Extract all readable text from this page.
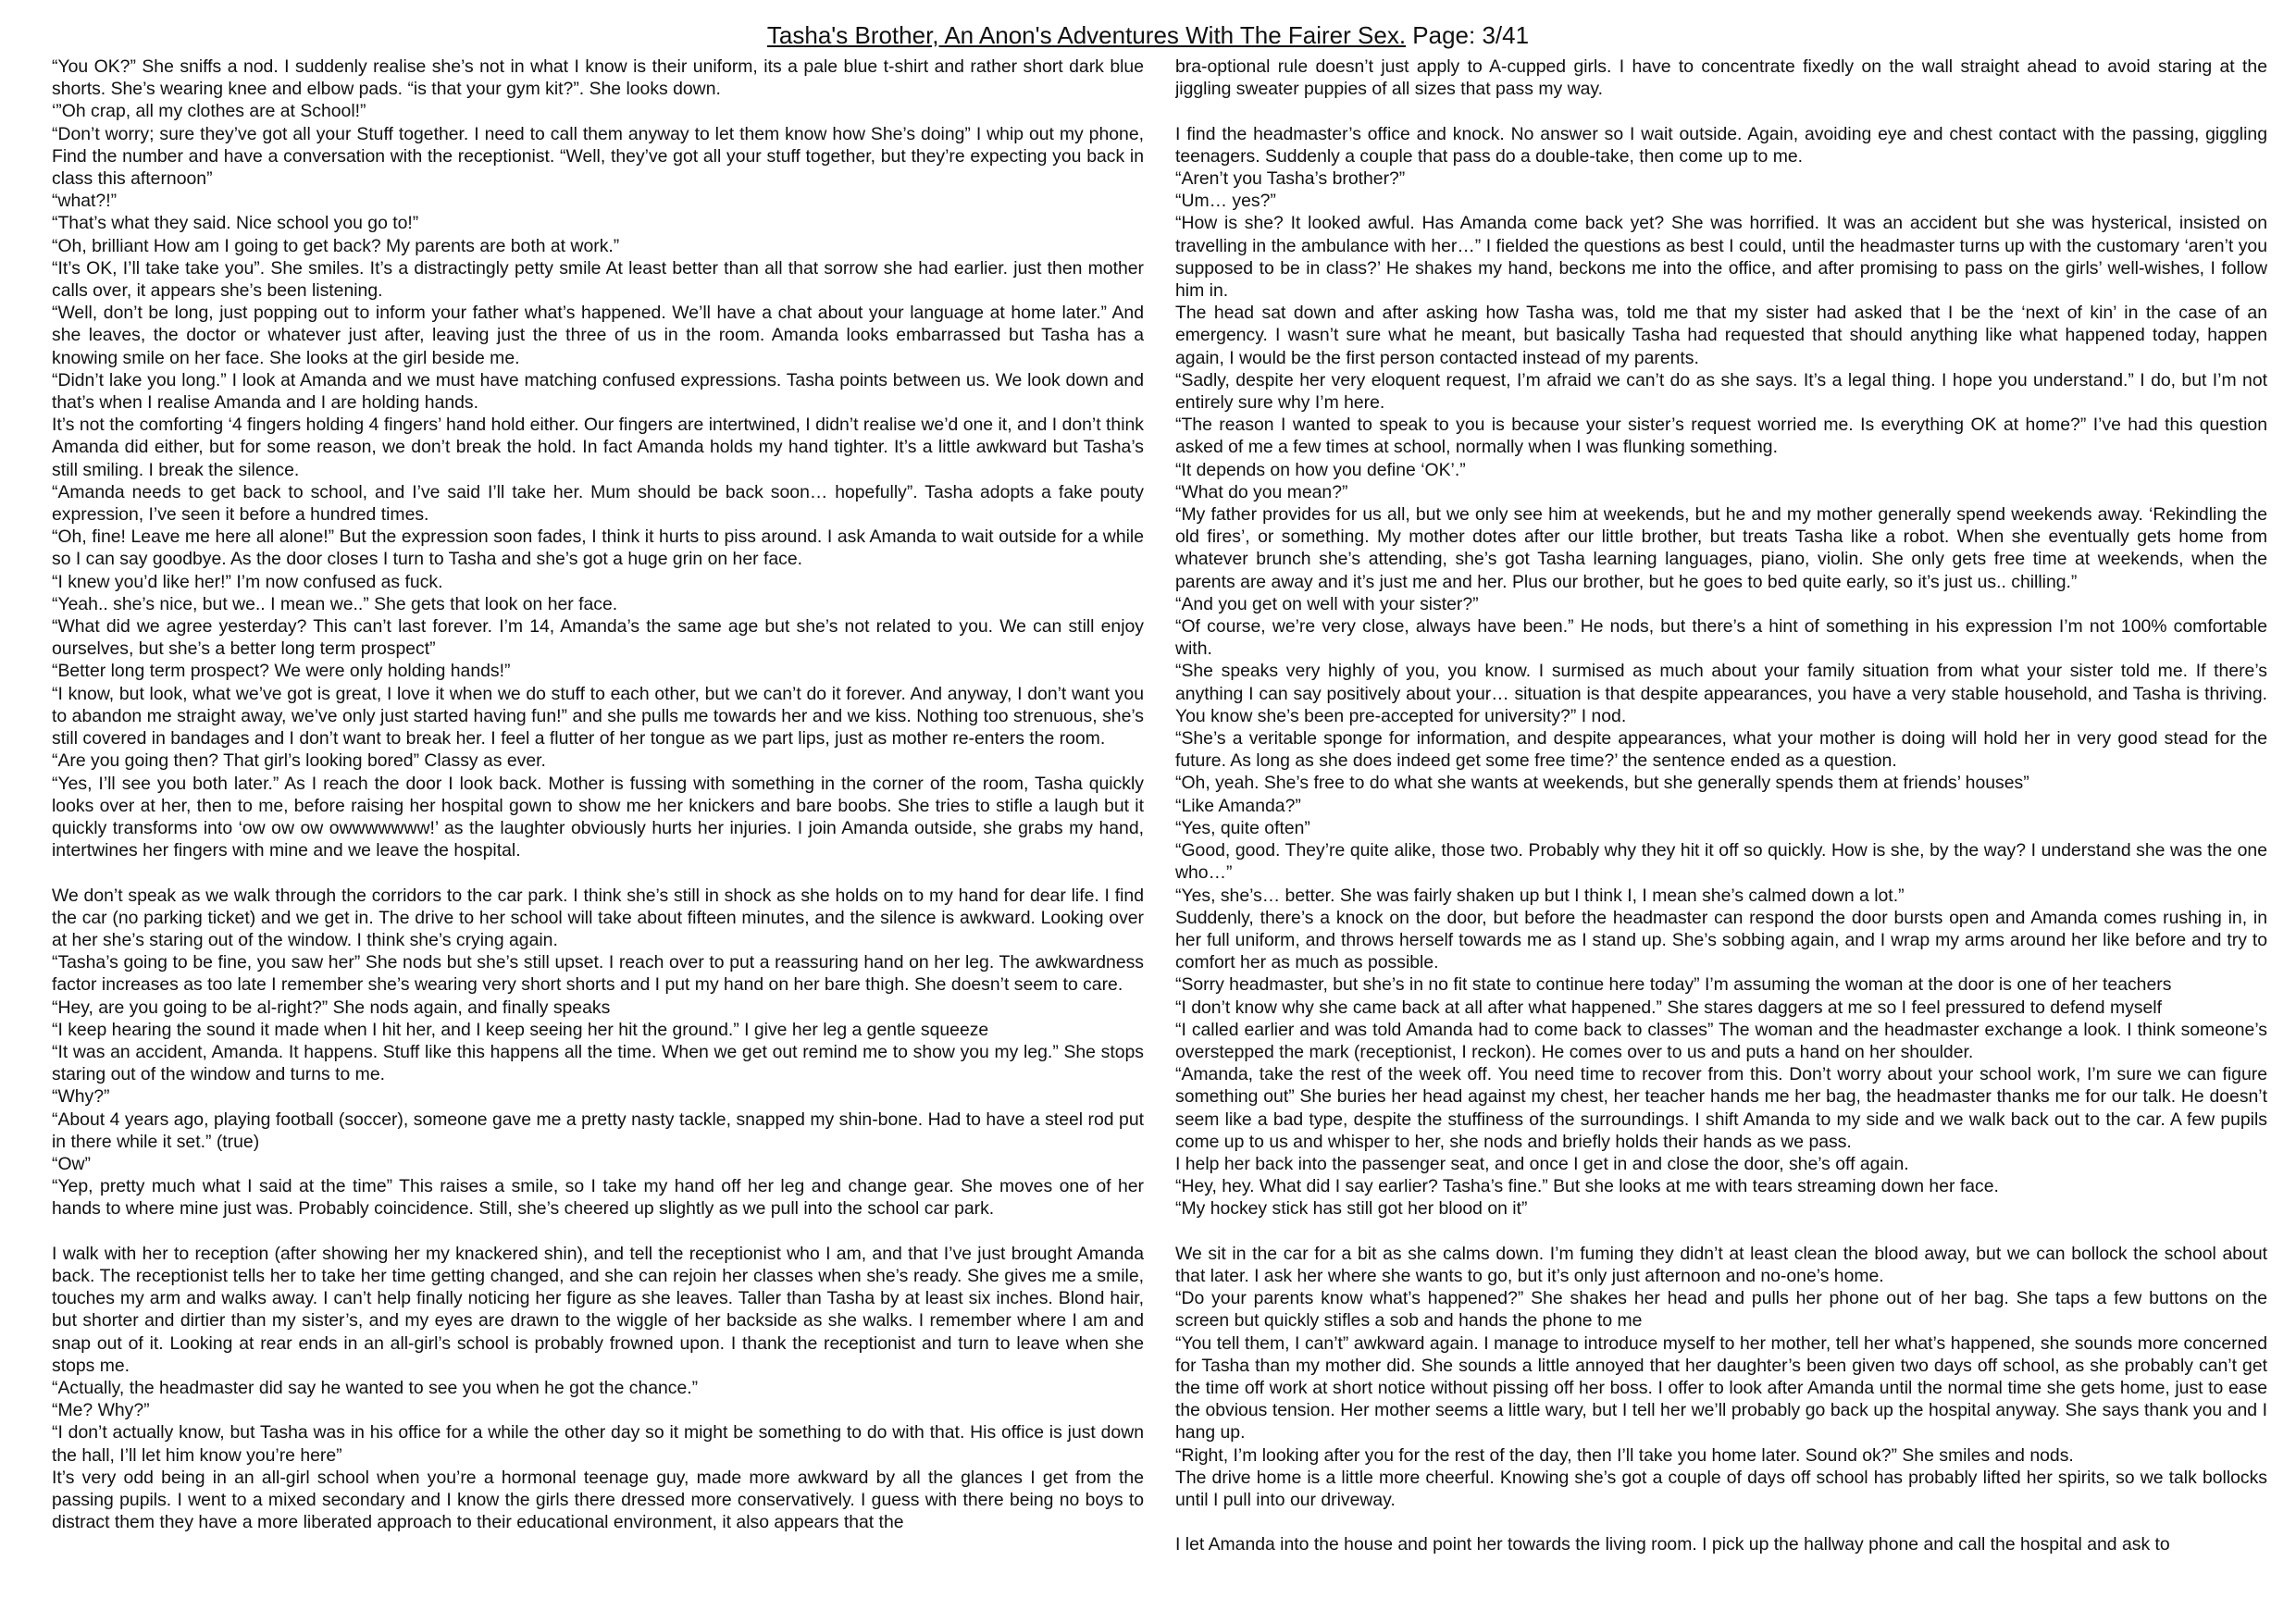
Tasha's Brother, An Anon's Adventures With The Fairer Sex. Page: 3/41

“You OK?” She sniffs a nod. I suddenly realise she’s not in what I know is their uniform, its a pale blue t-shirt and rather short dark blue shorts. She’s wearing knee and elbow pads. “is that your gym kit?”. She looks down.

‘”Oh crap, all my clothes are at School!”

“Don’t worry; sure they’ve got all your Stuff together. I need to call them anyway to let them know how She’s doing” I whip out my phone, Find the number and have a conversation with the receptionist. “Well, they’ve got all your stuff together, but they’re expecting you back in class this afternoon”

“what?!”

“That’s what they said. Nice school you go to!”

“Oh, brilliant How am I going to get back? My parents are both at work.”

“It’s OK, I’ll take take you”. She smiles. It’s a distractingly petty smile At least better than all that sorrow she had earlier. just then mother calls over, it appears she’s been listening.

“Well, don’t be long, just popping out to inform your father what’s happened. We’ll have a chat about your language at home later.” And she leaves, the doctor or whatever just after, leaving just the three of us in the room. Amanda looks embarrassed but Tasha has a knowing smile on her face. She looks at the girl beside me.

“Didn’t lake you long.” I look at Amanda and we must have matching confused expressions. Tasha points between us. We look down and that’s when I realise Amanda and I are holding hands.

It’s not the comforting ‘4 fingers holding 4 fingers’ hand hold either. Our fingers are intertwined, I didn’t realise we’d one it, and I don’t think Amanda did either, but for some reason, we don’t break the hold. In fact Amanda holds my hand tighter. It’s a little awkward but Tasha’s still smiling. I break the silence.

“Amanda needs to get back to school, and I’ve said I’ll take her. Mum should be back soon… hopefully”. Tasha adopts a fake pouty expression, I’ve seen it before a hundred times.

“Oh, fine! Leave me here all alone!” But the expression soon fades, I think it hurts to piss around. I ask Amanda to wait outside for a while so I can say goodbye. As the door closes I turn to Tasha and she’s got a huge grin on her face.

“I knew you’d like her!” I’m now confused as fuck.

“Yeah.. she’s nice, but we.. I mean we..” She gets that look on her face.

“What did we agree yesterday? This can’t last forever. I’m 14, Amanda’s the same age but she’s not related to you. We can still enjoy ourselves, but she’s a better long term prospect”

“Better long term prospect? We were only holding hands!”

“I know, but look, what we’ve got is great, I love it when we do stuff to each other, but we can’t do it forever. And anyway, I don’t want you to abandon me straight away, we’ve only just started having fun!” and she pulls me towards her and we kiss. Nothing too strenuous, she’s still covered in bandages and I don’t want to break her. I feel a flutter of her tongue as we part lips, just as mother re-enters the room.

“Are you going then? That girl’s looking bored” Classy as ever.

“Yes, I’ll see you both later.” As I reach the door I look back. Mother is fussing with something in the corner of the room, Tasha quickly looks over at her, then to me, before raising her hospital gown to show me her knickers and bare boobs. She tries to stifle a laugh but it quickly transforms into ‘ow ow ow owwwwwww!’ as the laughter obviously hurts her injuries. I join Amanda outside, she grabs my hand, intertwines her fingers with mine and we leave the hospital.

We don’t speak as we walk through the corridors to the car park. I think she’s still in shock as she holds on to my hand for dear life. I find the car (no parking ticket) and we get in. The drive to her school will take about fifteen minutes, and the silence is awkward. Looking over at her she’s staring out of the window. I think she’s crying again.

“Tasha’s going to be fine, you saw her” She nods but she’s still upset. I reach over to put a reassuring hand on her leg. The awkwardness factor increases as too late I remember she’s wearing very short shorts and I put my hand on her bare thigh. She doesn’t seem to care.

“Hey, are you going to be al-right?” She nods again, and finally speaks

“I keep hearing the sound it made when I hit her, and I keep seeing her hit the ground.” I give her leg a gentle squeeze

“It was an accident, Amanda. It happens. Stuff like this happens all the time. When we get out remind me to show you my leg.” She stops staring out of the window and turns to me.

“Why?”

“About 4 years ago, playing football (soccer), someone gave me a pretty nasty tackle, snapped my shin-bone. Had to have a steel rod put in there while it set.” (true)

“Ow”

“Yep, pretty much what I said at the time” This raises a smile, so I take my hand off her leg and change gear. She moves one of her hands to where mine just was. Probably coincidence. Still, she’s cheered up slightly as we pull into the school car park.

I walk with her to reception (after showing her my knackered shin), and tell the receptionist who I am, and that I’ve just brought Amanda back. The receptionist tells her to take her time getting changed, and she can rejoin her classes when she’s ready. She gives me a smile, touches my arm and walks away. I can’t help finally noticing her figure as she leaves. Taller than Tasha by at least six inches. Blond hair, but shorter and dirtier than my sister’s, and my eyes are drawn to the wiggle of her backside as she walks. I remember where I am and snap out of it. Looking at rear ends in an all-girl’s school is probably frowned upon. I thank the receptionist and turn to leave when she stops me.

“Actually, the headmaster did say he wanted to see you when he got the chance.”

“Me? Why?”

“I don’t actually know, but Tasha was in his office for a while the other day so it might be something to do with that. His office is just down the hall, I’ll let him know you’re here”

It’s very odd being in an all-girl school when you’re a hormonal teenage guy, made more awkward by all the glances I get from the passing pupils. I went to a mixed secondary and I know the girls there dressed more conservatively. I guess with there being no boys to distract them they have a more liberated approach to their educational environment, it also appears that the

bra-optional rule doesn’t just apply to A-cupped girls. I have to concentrate fixedly on the wall straight ahead to avoid staring at the jiggling sweater puppies of all sizes that pass my way.

I find the headmaster’s office and knock. No answer so I wait outside. Again, avoiding eye and chest contact with the passing, giggling teenagers. Suddenly a couple that pass do a double-take, then come up to me.

“Aren’t you Tasha’s brother?”

“Um… yes?”

“How is she? It looked awful. Has Amanda come back yet? She was horrified. It was an accident but she was hysterical, insisted on travelling in the ambulance with her…” I fielded the questions as best I could, until the headmaster turns up with the customary ‘aren’t you supposed to be in class?’ He shakes my hand, beckons me into the office, and after promising to pass on the girls’ well-wishes, I follow him in.

The head sat down and after asking how Tasha was, told me that my sister had asked that I be the ‘next of kin’ in the case of an emergency. I wasn’t sure what he meant, but basically Tasha had requested that should anything like what happened today, happen again, I would be the first person contacted instead of my parents.

“Sadly, despite her very eloquent request, I’m afraid we can’t do as she says. It’s a legal thing. I hope you understand.” I do, but I’m not entirely sure why I’m here.

“The reason I wanted to speak to you is because your sister’s request worried me. Is everything OK at home?” I’ve had this question asked of me a few times at school, normally when I was flunking something.

“It depends on how you define ‘OK’.”

“What do you mean?”

“My father provides for us all, but we only see him at weekends, but he and my mother generally spend weekends away. ‘Rekindling the old fires’, or something. My mother dotes after our little brother, but treats Tasha like a robot. When she eventually gets home from whatever brunch she’s attending, she’s got Tasha learning languages, piano, violin. She only gets free time at weekends, when the parents are away and it’s just me and her. Plus our brother, but he goes to bed quite early, so it’s just us.. chilling.”

“And you get on well with your sister?”

“Of course, we’re very close, always have been.” He nods, but there’s a hint of something in his expression I’m not 100% comfortable with.

“She speaks very highly of you, you know. I surmised as much about your family situation from what your sister told me. If there’s anything I can say positively about your… situation is that despite appearances, you have a very stable household, and Tasha is thriving. You know she’s been pre-accepted for university?” I nod.

“She’s a veritable sponge for information, and despite appearances, what your mother is doing will hold her in very good stead for the future. As long as she does indeed get some free time?’ the sentence ended as a question.

“Oh, yeah. She’s free to do what she wants at weekends, but she generally spends them at friends’ houses”

“Like Amanda?”

“Yes, quite often”

“Good, good. They’re quite alike, those two. Probably why they hit it off so quickly. How is she, by the way? I understand she was the one who…”

“Yes, she’s… better. She was fairly shaken up but I think I, I mean she’s calmed down a lot.”

Suddenly, there’s a knock on the door, but before the headmaster can respond the door bursts open and Amanda comes rushing in, in her full uniform, and throws herself towards me as I stand up. She’s sobbing again, and I wrap my arms around her like before and try to comfort her as much as possible.

“Sorry headmaster, but she’s in no fit state to continue here today” I’m assuming the woman at the door is one of her teachers

“I don’t know why she came back at all after what happened.” She stares daggers at me so I feel pressured to defend myself

“I called earlier and was told Amanda had to come back to classes” The woman and the headmaster exchange a look. I think someone’s overstepped the mark (receptionist, I reckon). He comes over to us and puts a hand on her shoulder.

“Amanda, take the rest of the week off. You need time to recover from this. Don’t worry about your school work, I’m sure we can figure something out” She buries her head against my chest, her teacher hands me her bag, the headmaster thanks me for our talk. He doesn’t seem like a bad type, despite the stuffiness of the surroundings. I shift Amanda to my side and we walk back out to the car. A few pupils come up to us and whisper to her, she nods and briefly holds their hands as we pass.

I help her back into the passenger seat, and once I get in and close the door, she’s off again.

“Hey, hey. What did I say earlier? Tasha’s fine.” But she looks at me with tears streaming down her face.

“My hockey stick has still got her blood on it”

We sit in the car for a bit as she calms down. I’m fuming they didn’t at least clean the blood away, but we can bollock the school about that later. I ask her where she wants to go, but it’s only just afternoon and no-one’s home.

“Do your parents know what’s happened?” She shakes her head and pulls her phone out of her bag. She taps a few buttons on the screen but quickly stifles a sob and hands the phone to me

“You tell them, I can’t” awkward again. I manage to introduce myself to her mother, tell her what’s happened, she sounds more concerned for Tasha than my mother did. She sounds a little annoyed that her daughter’s been given two days off school, as she probably can’t get the time off work at short notice without pissing off her boss. I offer to look after Amanda until the normal time she gets home, just to ease the obvious tension. Her mother seems a little wary, but I tell her we’ll probably go back up the hospital anyway. She says thank you and I hang up.

“Right, I’m looking after you for the rest of the day, then I’ll take you home later. Sound ok?” She smiles and nods.

The drive home is a little more cheerful. Knowing she’s got a couple of days off school has probably lifted her spirits, so we talk bollocks until I pull into our driveway.

I let Amanda into the house and point her towards the living room. I pick up the hallway phone and call the hospital and ask to
